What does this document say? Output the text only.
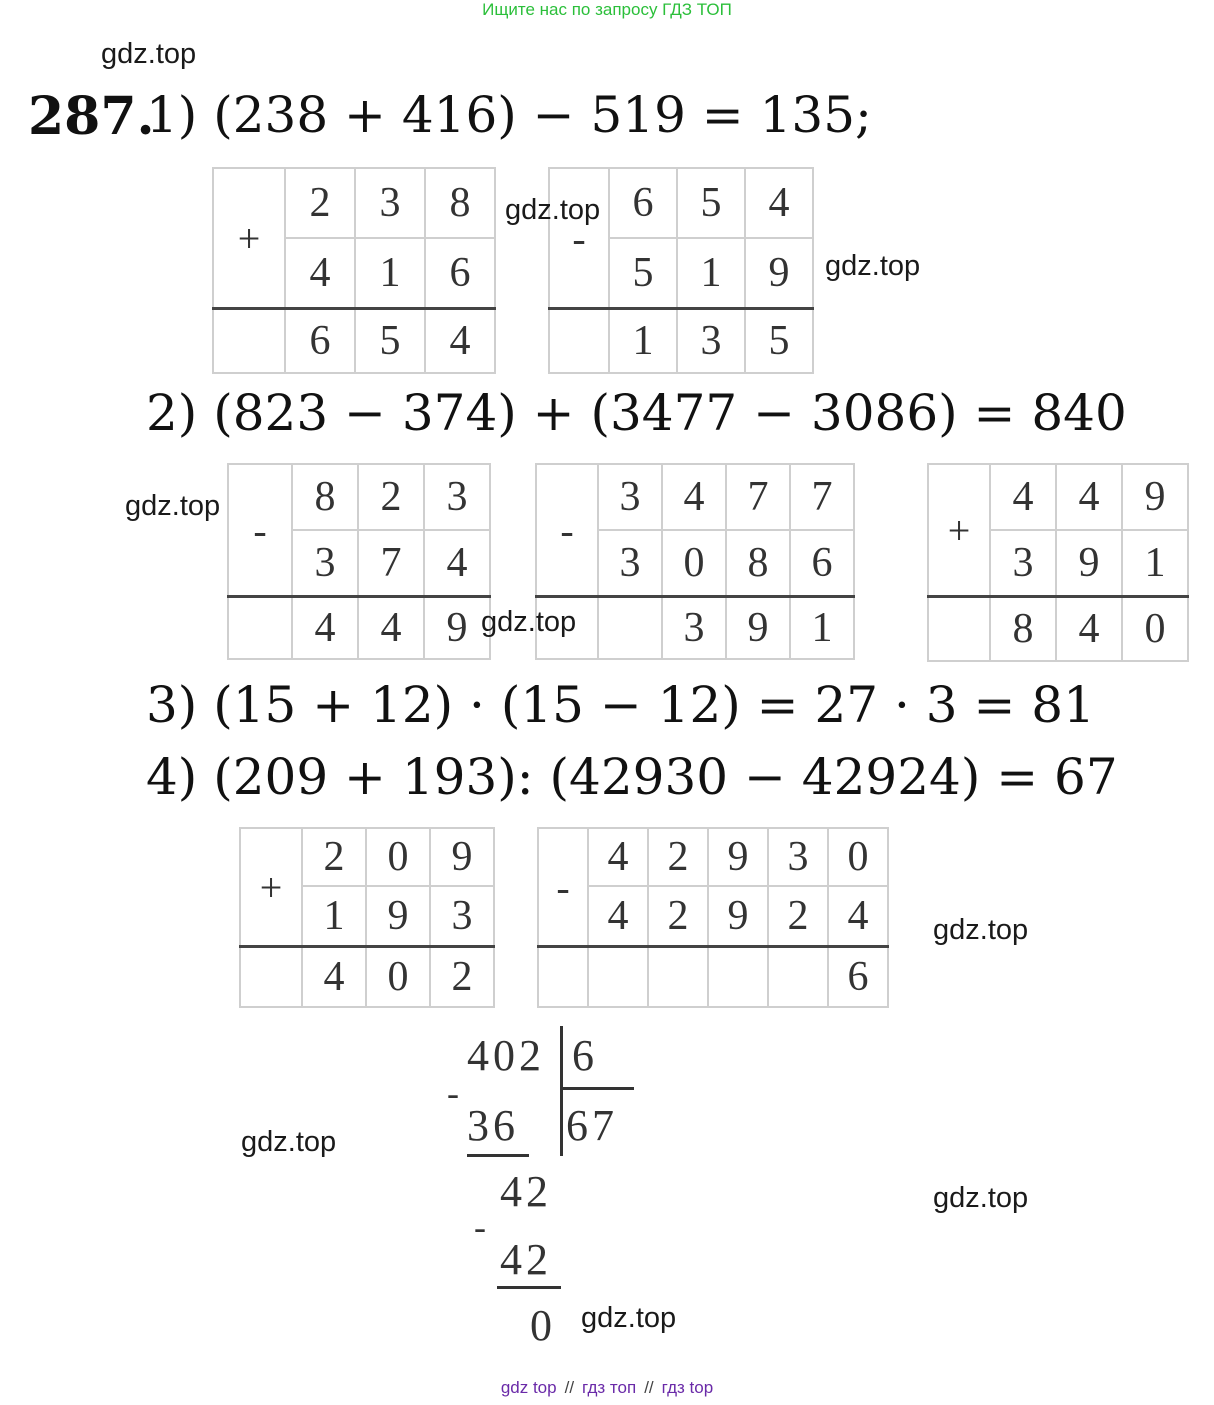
Ищите нас по запросу ГДЗ ТОП
gdz.top
gdz.top
gdz.top
gdz.top
gdz.top
gdz.top
gdz.top
gdz.top
gdz.top
287.
1) (238 + 416) − 519 = 135;
+	2	3	8
	4	1	6
	6	5	4
-	6	5	4
	5	1	9
	1	3	5
2) (823 − 374) + (3477 − 3086) = 840
-	8	2	3
	3	7	4
	4	4	9
-	3	4	7	7
	3	0	8	6
		3	9	1
+	4	4	9
	3	9	1
	8	4	0
3) (15 + 12) · (15 − 12) = 27 · 3 = 81
4) (209 + 193): (42930 − 42924) = 67
+	2	0	9
	1	9	3
	4	0	2
-	4	2	9	3	0
	4	2	9	2	4
					6
402 6
67
-
36
42
-
42
0
gdz top // гдз топ // гдз top
